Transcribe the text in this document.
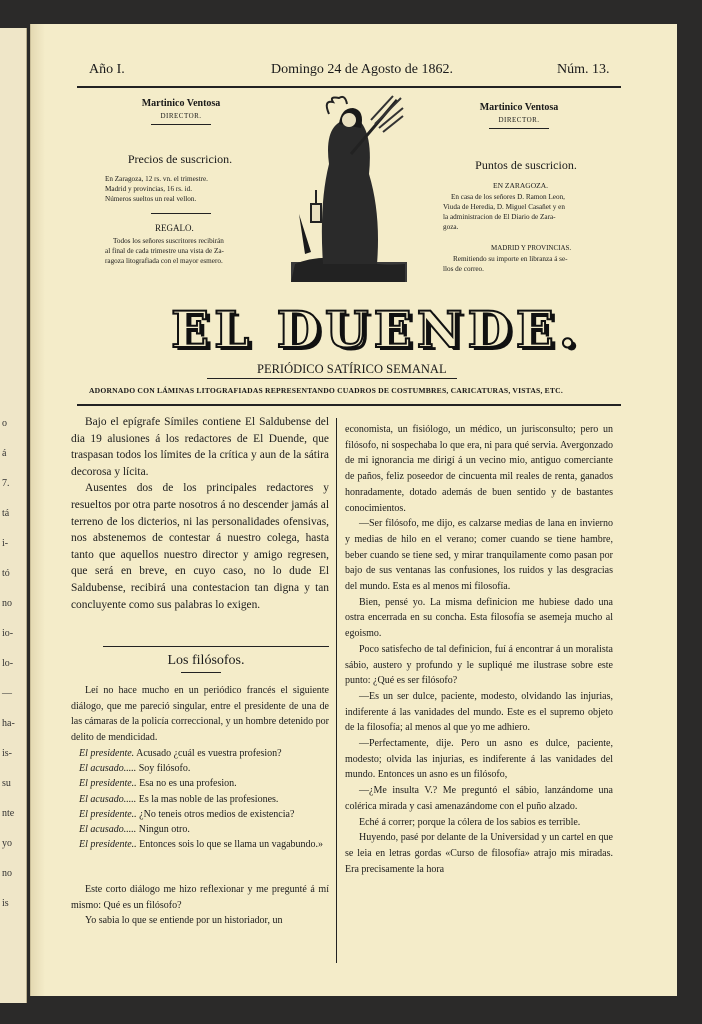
o
á
7.
tá
i-
tó
no
io-
lo-
—
ha-
is-
su
nte
yo
no
is
Año I.	Domingo 24 de Agosto de 1862.	Núm. 13.
Martinico Ventosa
DIRECTOR.
Precios de suscricion.
En Zaragoza, 12 rs. vn. el trimestre.
Madrid y provincias, 16 rs. id.
Números sueltos un real vellon.
REGALO.
Todos los señores suscritores recibirán
al final de cada trimestre una vista de Za-
ragoza litografiada con el mayor esmero.
Martinico Ventosa
DIRECTOR.
Puntos de suscricion.
EN ZARAGOZA.
En casa de los señores D. Ramon Leon,
Viuda de Heredia, D. Miguel Casañet y en
la administracion de El Diario de Zara-
goza.
MADRID Y PROVINCIAS.
Remitiendo su importe en libranza á se-
llos de correo.
EL DUENDE.
PERIÓDICO SATÍRICO SEMANAL
ADORNADO CON LÁMINAS LITOGRAFIADAS REPRESENTANDO CUADROS DE COSTUMBRES, CARICATURAS, VISTAS, ETC.

Bajo el epígrafe Símiles contiene El Saldubense del dia 19 alusiones á los redactores de El Duende, que traspasan todos los límites de la crítica y aun de la sátira decorosa y lícita.

Ausentes dos de los principales redactores y resueltos por otra parte nosotros á no descender jamás al terreno de los dicterios, ni las personalidades ofensivas, nos abstenemos de contestar á nuestro colega, hasta tanto que aquellos nuestro director y amigo regresen, que será en breve, en cuyo caso, no lo dude El Saldubense, recibirá una contestacion tan digna y tan concluyente como sus palabras lo exigen.

Los filósofos.

Leí no hace mucho en un periódico francés el siguiente diálogo, que me pareció singular, entre el presidente de una de las cámaras de la policía correccional, y un hombre detenido por delito de mendicidad.

El presidente. Acusado ¿cuál es vuestra profesion?

El acusado..... Soy filósofo.

El presidente.. Esa no es una profesion.

El acusado..... Es la mas noble de las profesiones.

El presidente.. ¿No teneis otros medios de existencia?

El acusado..... Ningun otro.

El presidente.. Entonces sois lo que se llama un vagabundo.»

Este corto diálogo me hizo reflexionar y me pregunté á mí mismo: Qué es un filósofo?

Yo sabia lo que se entiende por un historiador, un

economista, un fisiólogo, un médico, un jurisconsulto; pero un filósofo, ni sospechaba lo que era, ni para qué servia. Avergonzado de mi ignorancia me dirigí á un vecino mio, antiguo comerciante de paños, feliz poseedor de cincuenta mil reales de renta, ganados honradamente, dotado además de buen sentido y de bastantes conocimientos.

—Ser filósofo, me dijo, es calzarse medias de lana en invierno y medias de hilo en el verano; comer cuando se tiene hambre, beber cuando se tiene sed, y mirar tranquilamente como pasan por bajo de sus ventanas las confusiones, los ruidos y las desgracias del mundo. Esta es al menos mi filosofía.

Bien, pensé yo. La misma definicion me hubiese dado una ostra encerrada en su concha. Esta filosofía se asemeja mucho al egoismo.

Poco satisfecho de tal definicion, fuí á encontrar á un moralista sábio, austero y profundo y le supliqué me ilustrase sobre este punto: ¿Qué es ser filósofo?

—Es un ser dulce, paciente, modesto, olvidando las injurias, indiferente á las vanidades del mundo. Este es el supremo objeto de la filosofía; al menos al que yo me adhiero.

—Perfectamente, dije. Pero un asno es dulce, paciente, modesto; olvida las injurias, es indiferente á las vanidades del mundo. Entonces un asno es un filósofo,

—¿Me insulta V.? Me preguntó el sábio, lanzándome una colérica mirada y casi amenazándome con el puño alzado.

Eché á correr; porque la cólera de los sabios es terrible.

Huyendo, pasé por delante de la Universidad y un cartel en que se leia en letras gordas «Curso de filosofía» atrajo mis miradas. Era precisamente la hora
